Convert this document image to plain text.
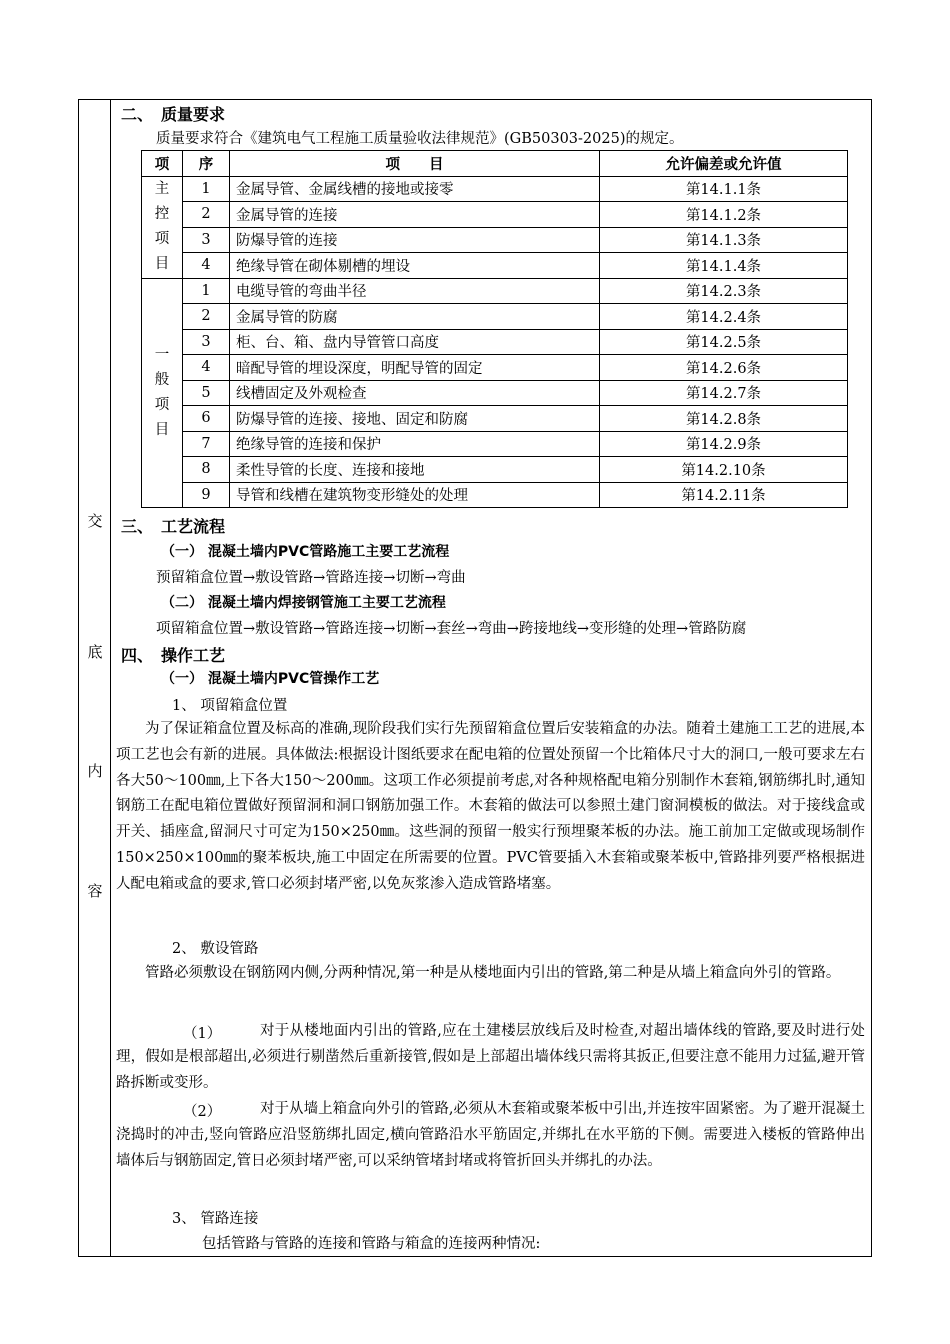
交
底
内
容
二、　质量要求
质量要求符合《建筑电气工程施工质量验收法律规范》(GB50303-2025)的规定。
项	序	项　　目	允许偏差或允许值

主
控
项
目	1	金属导管、金属线槽的接地或接零	第14.1.1条
	2	金属导管的连接	第14.1.2条
	3	防爆导管的连接	第14.1.3条
	4	绝缘导管在砌体剔槽的埋设	第14.1.4条

一
般
项
目	1	电缆导管的弯曲半径	第14.2.3条
	2	金属导管的防腐	第14.2.4条
	3	柜、台、箱、盘内导管管口高度	第14.2.5条
	4	暗配导管的埋设深度，明配导管的固定	第14.2.6条
	5	线槽固定及外观检查	第14.2.7条
	6	防爆导管的连接、接地、固定和防腐	第14.2.8条
	7	绝缘导管的连接和保护	第14.2.9条
	8	柔性导管的长度、连接和接地	第14.2.10条
	9	导管和线槽在建筑物变形缝处的处理	第14.2.11条
三、　工艺流程
（一） 混凝土墙内PVC管路施工主要工艺流程
预留箱盒位置→敷设管路→管路连接→切断→弯曲
（二） 混凝土墙内焊接钢管施工主要工艺流程
项留箱盒位置→敷设管路→管路连接→切断→套丝→弯曲→跨接地线→变形缝的处理→管路防腐
四、　操作工艺
（一） 混凝土墙内PVC管操作工艺
1、 项留箱盒位置
为了保证箱盒位置及标高的准确,现阶段我们实行先预留箱盒位置后安装箱盒的办法。随着土建施工工艺的进展,本项工艺也会有新的进展。具体做法:根据设计图纸要求在配电箱的位置处预留一个比箱体尺寸大的洞口,一般可要求左右各大50～100㎜,上下各大150～200㎜。这项工作必须提前考虑,对各种规格配电箱分别制作木套箱,钢筋绑扎时,通知钢筋工在配电箱位置做好预留洞和洞口钢筋加强工作。木套箱的做法可以参照土建门窗洞模板的做法。对于接线盒或开关、插座盒,留洞尺寸可定为150×250㎜。这些洞的预留一般实行预埋聚苯板的办法。施工前加工定做或现场制作150×250×100㎜的聚苯板块,施工中固定在所需要的位置。PVC管要插入木套箱或聚苯板中,管路排列要严格根据进人配电箱或盒的要求,管口必须封堵严密,以免灰浆渗入造成管路堵塞。
2、 敷设管路
管路必须敷设在钢筋网内侧,分两种情况,第一种是从楼地面内引出的管路,第二种是从墙上箱盒向外引的管路。
（1）	对于从楼地面内引出的管路,应在土建楼层放线后及时检查,对超出墙体线的管路,要及时进行处理，假如是根部超出,必须进行剔凿然后重新接管,假如是上部超出墙体线只需将其扳正,但要注意不能用力过猛,避开管路拆断或变形。
（2）	对于从墙上箱盒向外引的管路,必须从木套箱或聚苯板中引出,并连按牢固紧密。为了避开混凝土浇捣时的冲击,竖向管路应沿竖筋绑扎固定,横向管路沿水平筋固定,并绑扎在水平筋的下侧。需要进入楼板的管路伸出墙体后与钢筋固定,管日必须封堵严密,可以采纳管堵封堵或将管折回头并绑扎的办法。
3、 管路连接
包括管路与管路的连接和管路与箱盒的连接两种情况:
